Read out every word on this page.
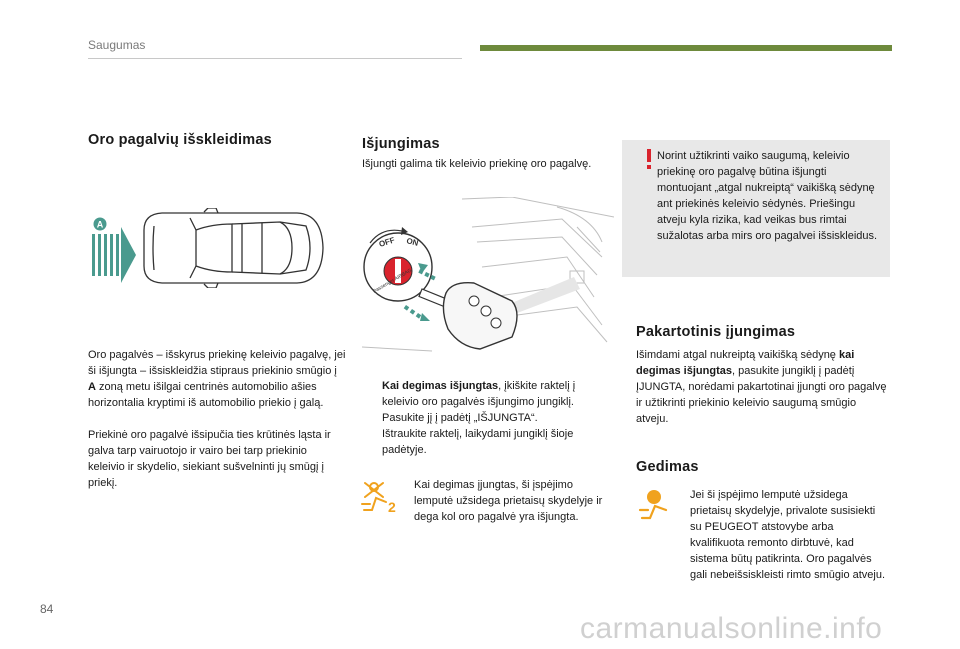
Saugumas
Oro pagalvių išskleidimas
A
Oro pagalvės – išskyrus priekinę keleivio pagalvę, jei ši išjungta – išsiskleidžia stipraus priekinio smūgio į A zoną metu išilgai centrinės automobilio ašies horizontalia kryptimi iš automobilio priekio į galą.
Priekinė oro pagalvė išsipučia ties krūtinės ląsta ir galva tarp vairuotojo ir vairo bei tarp priekinio keleivio ir skydelio, siekiant sušvelninti jų smūgį į priekį.
Išjungimas
Išjungti galima tik keleivio priekinę oro pagalvę.
OFF ON
Passenger AIRBAG
Kai degimas išjungtas, įkiškite raktelį į keleivio oro pagalvės išjungimo jungiklį.
Pasukite jį į padėtį „IŠJUNGTA“.
Ištraukite raktelį, laikydami jungiklį šioje padėtyje.
2
Kai degimas įjungtas, ši įspėjimo lemputė užsidega prietaisų skydelyje ir dega kol oro pagalvė yra išjungta.
Norint užtikrinti vaiko saugumą, keleivio priekinę oro pagalvę būtina išjungti montuojant „atgal nukreiptą“ vaikišką sėdynę ant priekinės keleivio sėdynės. Priešingu atveju kyla rizika, kad veikas bus rimtai sužalotas arba mirs oro pagalvei išsiskleidus.
Pakartotinis įjungimas
Išimdami atgal nukreiptą vaikišką sėdynę kai degimas išjungtas, pasukite jungiklį į padėtį ĮJUNGTA, norėdami pakartotinai įjungti oro pagalvę ir užtikrinti priekinio keleivio saugumą smūgio atveju.
Gedimas
Jei ši įspėjimo lemputė užsidega prietaisų skydelyje, privalote susisiekti su PEUGEOT atstovybe arba kvalifikuota remonto dirbtuvė, kad sistema būtų patikrinta. Oro pagalvės gali nebeišsiskleisti rimto smūgio atveju.
84
carmanualsonline.info
